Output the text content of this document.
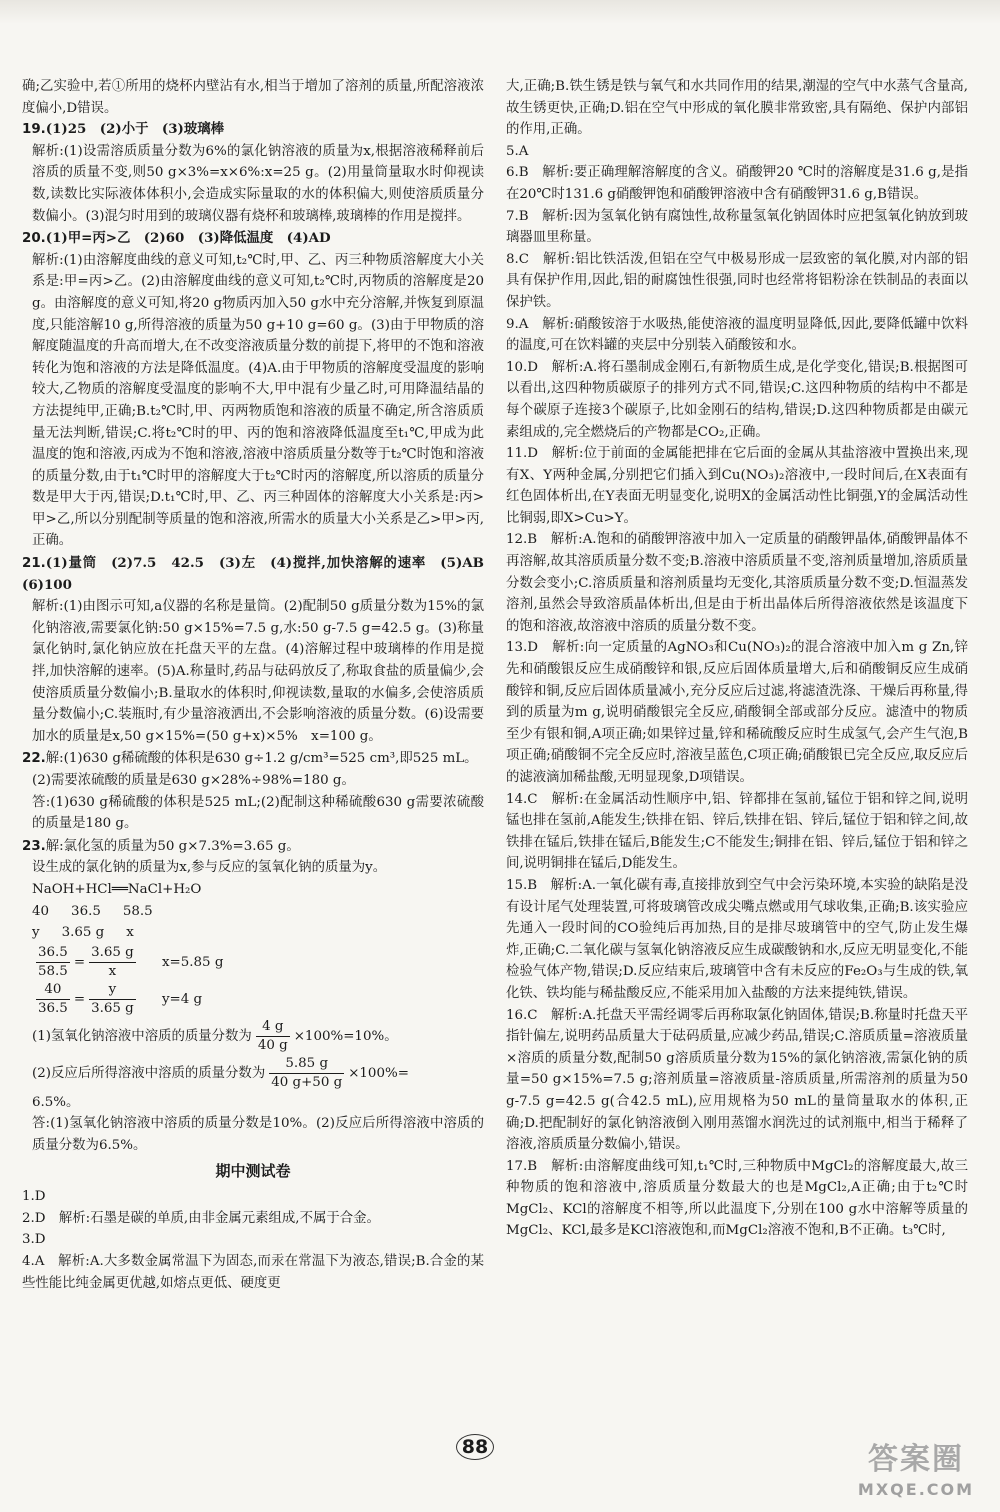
确;乙实验中,若①所用的烧杯内壁沾有水,相当于增加了溶剂的质量,所配溶液浓度偏小,D错误。

19.(1)25　(2)小于　(3)玻璃棒

解析:(1)设需溶质质量分数为6%的氯化钠溶液的质量为x,根据溶液稀释前后溶质的质量不变,则50 g×3%=x×6%:x=25 g。(2)用量筒量取水时仰视读数,读数比实际液体体积小,会造成实际量取的水的体积偏大,则使溶质质量分数偏小。(3)混匀时用到的玻璃仪器有烧杯和玻璃棒,玻璃棒的作用是搅拌。

20.(1)甲=丙>乙　(2)60　(3)降低温度　(4)AD

解析:(1)由溶解度曲线的意义可知,t₂℃时,甲、乙、丙三种物质溶解度大小关系是:甲=丙>乙。(2)由溶解度曲线的意义可知,t₂℃时,丙物质的溶解度是20 g。由溶解度的意义可知,将20 g物质丙加入50 g水中充分溶解,并恢复到原温度,只能溶解10 g,所得溶液的质量为50 g+10 g=60 g。(3)由于甲物质的溶解度随温度的升高而增大,在不改变溶液质量分数的前提下,将甲的不饱和溶液转化为饱和溶液的方法是降低温度。(4)A.由于甲物质的溶解度受温度的影响较大,乙物质的溶解度受温度的影响不大,甲中混有少量乙时,可用降温结晶的方法提纯甲,正确;B.t₂℃时,甲、丙两物质饱和溶液的质量不确定,所含溶质质量无法判断,错误;C.将t₂℃时的甲、丙的饱和溶液降低温度至t₁℃,甲成为此温度的饱和溶液,丙成为不饱和溶液,溶液中溶质质量分数等于t₂℃时饱和溶液的质量分数,由于t₁℃时甲的溶解度大于t₂℃时丙的溶解度,所以溶质的质量分数是甲大于丙,错误;D.t₁℃时,甲、乙、丙三种固体的溶解度大小关系是:丙>甲>乙,所以分别配制等质量的饱和溶液,所需水的质量大小关系是乙>甲>丙,正确。

21.(1)量筒　(2)7.5　42.5　(3)左　(4)搅拌,加快溶解的速率　(5)AB　(6)100

解析:(1)由图示可知,a仪器的名称是量筒。(2)配制50 g质量分数为15%的氯化钠溶液,需要氯化钠:50 g×15%=7.5 g,水:50 g-7.5 g=42.5 g。(3)称量氯化钠时,氯化钠应放在托盘天平的左盘。(4)溶解过程中玻璃棒的作用是搅拌,加快溶解的速率。(5)A.称量时,药品与砝码放反了,称取食盐的质量偏少,会使溶质质量分数偏小;B.量取水的体积时,仰视读数,量取的水偏多,会使溶质质量分数偏小;C.装瓶时,有少量溶液洒出,不会影响溶液的质量分数。(6)设需要加水的质量是x,50 g×15%=(50 g+x)×5%　x=100 g。

22.解:(1)630 g稀硫酸的体积是630 g÷1.2 g/cm³=525 cm³,即525 mL。

(2)需要浓硫酸的质量是630 g×28%÷98%=180 g。

答:(1)630 g稀硫酸的体积是525 mL;(2)配制这种稀硫酸630 g需要浓硫酸的质量是180 g。

23.解:氯化氢的质量为50 g×7.3%=3.65 g。

设生成的氯化钠的质量为x,参与反应的氢氧化钠的质量为y。

NaOH+HCl══NaCl+H₂O

40 36.5 58.5
y 3.65 g x
$\frac{36.5}{58.5} = \frac{3.65 g}{x} x=5.85$ g
$\frac{40}{36.5} = \frac{y}{3.65 g} y=4$ g
(1)氢氧化钠溶液中溶质的质量分数为 $\frac{4 g}{40 g} \times 100\%=10\%$。
(2)反应后所得溶液中溶质的质量分数为 $\frac{5.85 g}{40 g+50 g} \times 100\%=$

6.5%。

答:(1)氢氧化钠溶液中溶质的质量分数是10%。(2)反应后所得溶液中溶质的质量分数为6.5%。

期中测试卷

1.D

2.D　解析:石墨是碳的单质,由非金属元素组成,不属于合金。

3.D

4.A　解析:A.大多数金属常温下为固态,而汞在常温下为液态,错误;B.合金的某些性能比纯金属更优越,如熔点更低、硬度更

大,正确;B.铁生锈是铁与氧气和水共同作用的结果,潮湿的空气中水蒸气含量高,故生锈更快,正确;D.铝在空气中形成的氧化膜非常致密,具有隔绝、保护内部铝的作用,正确。

5.A

6.B　解析:要正确理解溶解度的含义。硝酸钾20 ℃时的溶解度是31.6 g,是指在20℃时131.6 g硝酸钾饱和硝酸钾溶液中含有硝酸钾31.6 g,B错误。

7.B　解析:因为氢氧化钠有腐蚀性,故称量氢氧化钠固体时应把氢氧化钠放到玻璃器皿里称量。

8.C　解析:铝比铁活泼,但铝在空气中极易形成一层致密的氧化膜,对内部的铝具有保护作用,因此,铝的耐腐蚀性很强,同时也经常将铝粉涂在铁制品的表面以保护铁。

9.A　解析:硝酸铵溶于水吸热,能使溶液的温度明显降低,因此,要降低罐中饮料的温度,可在饮料罐的夹层中分别装入硝酸铵和水。

10.D　解析:A.将石墨制成金刚石,有新物质生成,是化学变化,错误;B.根据图可以看出,这四种物质碳原子的排列方式不同,错误;C.这四种物质的结构中不都是每个碳原子连接3个碳原子,比如金刚石的结构,错误;D.这四种物质都是由碳元素组成的,完全燃烧后的产物都是CO₂,正确。

11.D　解析:位于前面的金属能把排在它后面的金属从其盐溶液中置换出来,现有X、Y两种金属,分别把它们插入到Cu(NO₃)₂溶液中,一段时间后,在X表面有红色固体析出,在Y表面无明显变化,说明X的金属活动性比铜强,Y的金属活动性比铜弱,即X>Cu>Y。

12.B　解析:A.饱和的硝酸钾溶液中加入一定质量的硝酸钾晶体,硝酸钾晶体不再溶解,故其溶质质量分数不变;B.溶液中溶质质量不变,溶剂质量增加,溶质质量分数会变小;C.溶质质量和溶剂质量均无变化,其溶质质量分数不变;D.恒温蒸发溶剂,虽然会导致溶质晶体析出,但是由于析出晶体后所得溶液依然是该温度下的饱和溶液,故溶液中溶质的质量分数不变。

13.D　解析:向一定质量的AgNO₃和Cu(NO₃)₂的混合溶液中加入m g Zn,锌先和硝酸银反应生成硝酸锌和银,反应后固体质量增大,后和硝酸铜反应生成硝酸锌和铜,反应后固体质量减小,充分反应后过滤,将滤渣洗涤、干燥后再称量,得到的质量为m g,说明硝酸银完全反应,硝酸铜全部或部分反应。滤渣中的物质至少有银和铜,A项正确;如果锌过量,锌和稀硫酸反应时生成氢气,会产生气泡,B项正确;硝酸铜不完全反应时,溶液呈蓝色,C项正确;硝酸银已完全反应,取反应后的滤液滴加稀盐酸,无明显现象,D项错误。

14.C　解析:在金属活动性顺序中,铝、锌都排在氢前,锰位于铝和锌之间,说明锰也排在氢前,A能发生;铁排在铝、锌后,铁排在铝、锌后,锰位于铝和锌之间,故铁排在锰后,铁排在锰后,B能发生;C不能发生;铜排在铝、锌后,锰位于铝和锌之间,说明铜排在锰后,D能发生。

15.B　解析:A.一氧化碳有毒,直接排放到空气中会污染环境,本实验的缺陷是没有设计尾气处理装置,可将玻璃管改成尖嘴点燃或用气球收集,正确;B.该实验应先通入一段时间的CO验纯后再加热,目的是排尽玻璃管中的空气,防止发生爆炸,正确;C.二氧化碳与氢氧化钠溶液反应生成碳酸钠和水,反应无明显变化,不能检验气体产物,错误;D.反应结束后,玻璃管中含有未反应的Fe₂O₃与生成的铁,氧化铁、铁均能与稀盐酸反应,不能采用加入盐酸的方法来提纯铁,错误。

16.C　解析:A.托盘天平需经调零后再称取氯化钠固体,错误;B.称量时托盘天平指针偏左,说明药品质量大于砝码质量,应减少药品,错误;C.溶质质量=溶液质量×溶质的质量分数,配制50 g溶质质量分数为15%的氯化钠溶液,需氯化钠的质量=50 g×15%=7.5 g;溶剂质量=溶液质量-溶质质量,所需溶剂的质量为50 g-7.5 g=42.5 g(合42.5 mL),应用规格为50 mL的量筒量取水的体积,正确;D.把配制好的氯化钠溶液倒入刚用蒸馏水润洗过的试剂瓶中,相当于稀释了溶液,溶质质量分数偏小,错误。

17.B　解析:由溶解度曲线可知,t₁℃时,三种物质中MgCl₂的溶解度最大,故三种物质的饱和溶液中,溶质质量分数最大的也是MgCl₂,A正确;由于t₂℃时MgCl₂、KCl的溶解度不相等,所以此温度下,分别在100 g水中溶解等质量的MgCl₂、KCl,最多是KCl溶液饱和,而MgCl₂溶液不饱和,B不正确。t₃℃时,

88	答案圈
MXQE.COM
